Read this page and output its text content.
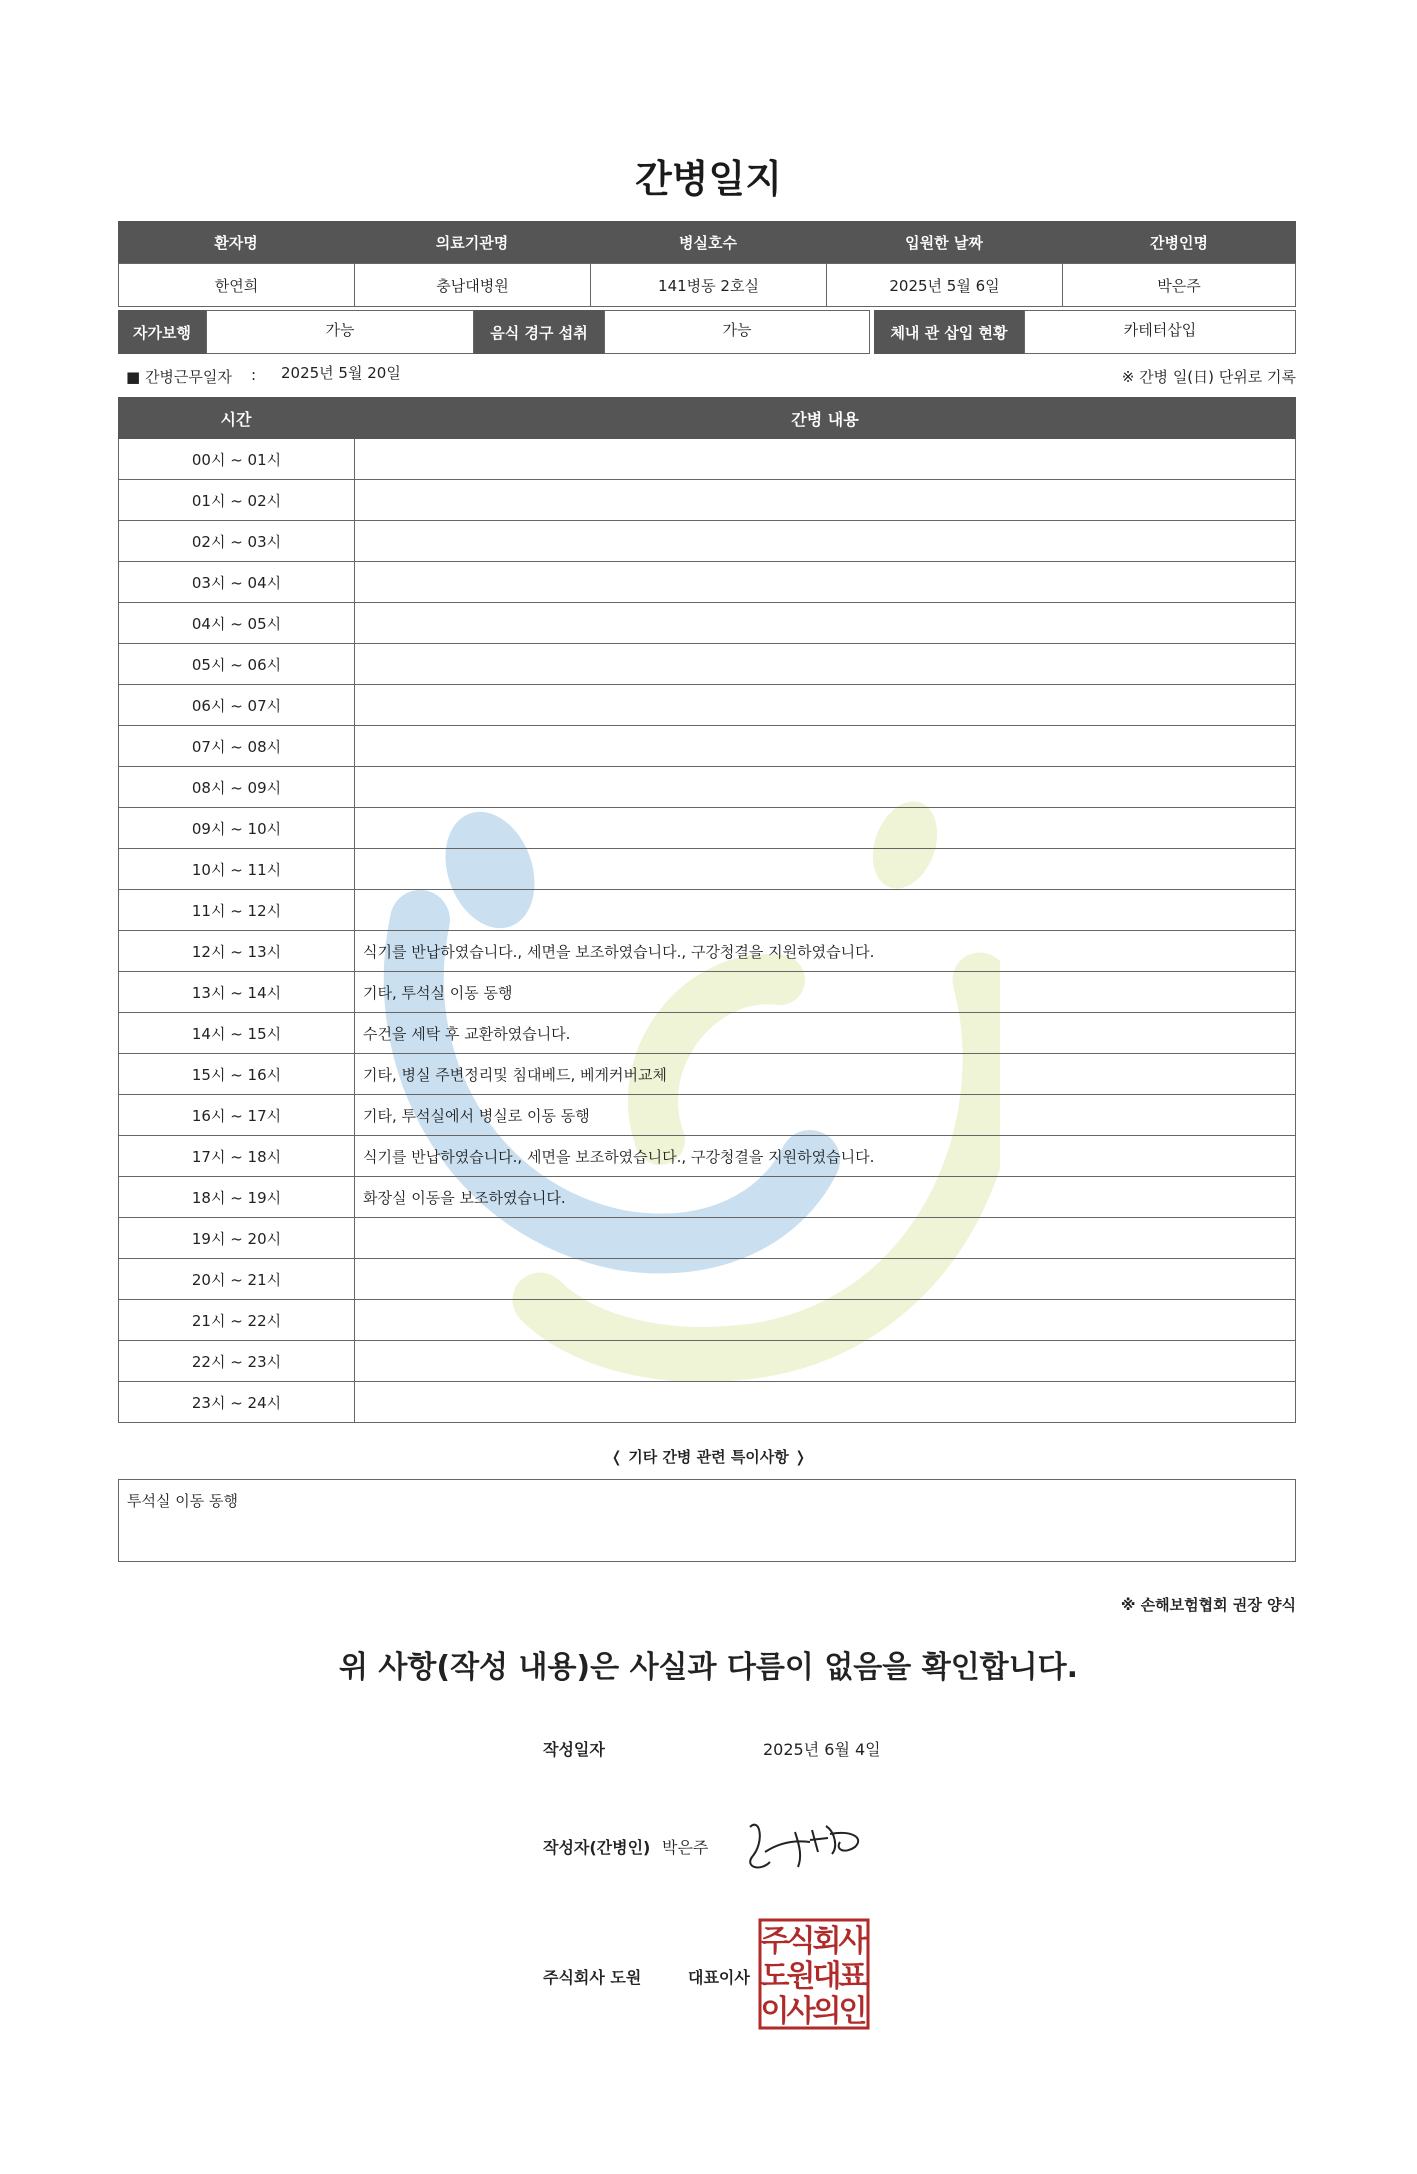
간병일지
환자명	의료기관명	병실호수	입원한 날짜	간병인명
한연희	충남대병원	141병동 2호실	2025년 5월 6일	박은주
자가보행	가능	음식 경구 섭취	가능	체내 관 삽입 현황	카테터삽입
■ 간병근무일자 : 2025년 5월 20일	※ 간병 일(日) 단위로 기록
시간	간병 내용
00시 ~ 01시
01시 ~ 02시
02시 ~ 03시
03시 ~ 04시
04시 ~ 05시
05시 ~ 06시
06시 ~ 07시
07시 ~ 08시
08시 ~ 09시
09시 ~ 10시
10시 ~ 11시
11시 ~ 12시
12시 ~ 13시	식기를 반납하였습니다., 세면을 보조하였습니다., 구강청결을 지원하였습니다.
13시 ~ 14시	기타, 투석실 이동 동행
14시 ~ 15시	수건을 세탁 후 교환하였습니다.
15시 ~ 16시	기타, 병실 주변정리및 침대베드, 베게커버교체
16시 ~ 17시	기타, 투석실에서 병실로 이동 동행
17시 ~ 18시	식기를 반납하였습니다., 세면을 보조하였습니다., 구강청결을 지원하였습니다.
18시 ~ 19시	화장실 이동을 보조하였습니다.
19시 ~ 20시
20시 ~ 21시
21시 ~ 22시
22시 ~ 23시
23시 ~ 24시
❬ 기타 간병 관련 특이사항 ❭
투석실 이동 동행
※ 손해보험협회 권장 양식
위 사항(작성 내용)은 사실과 다름이 없음을 확인합니다.
작성일자	2025년 6월 4일
작성자(간병인) 박은주
주식회사 도원	대표이사
주
식
회
사
도
원
대
표
이
사
의
인
